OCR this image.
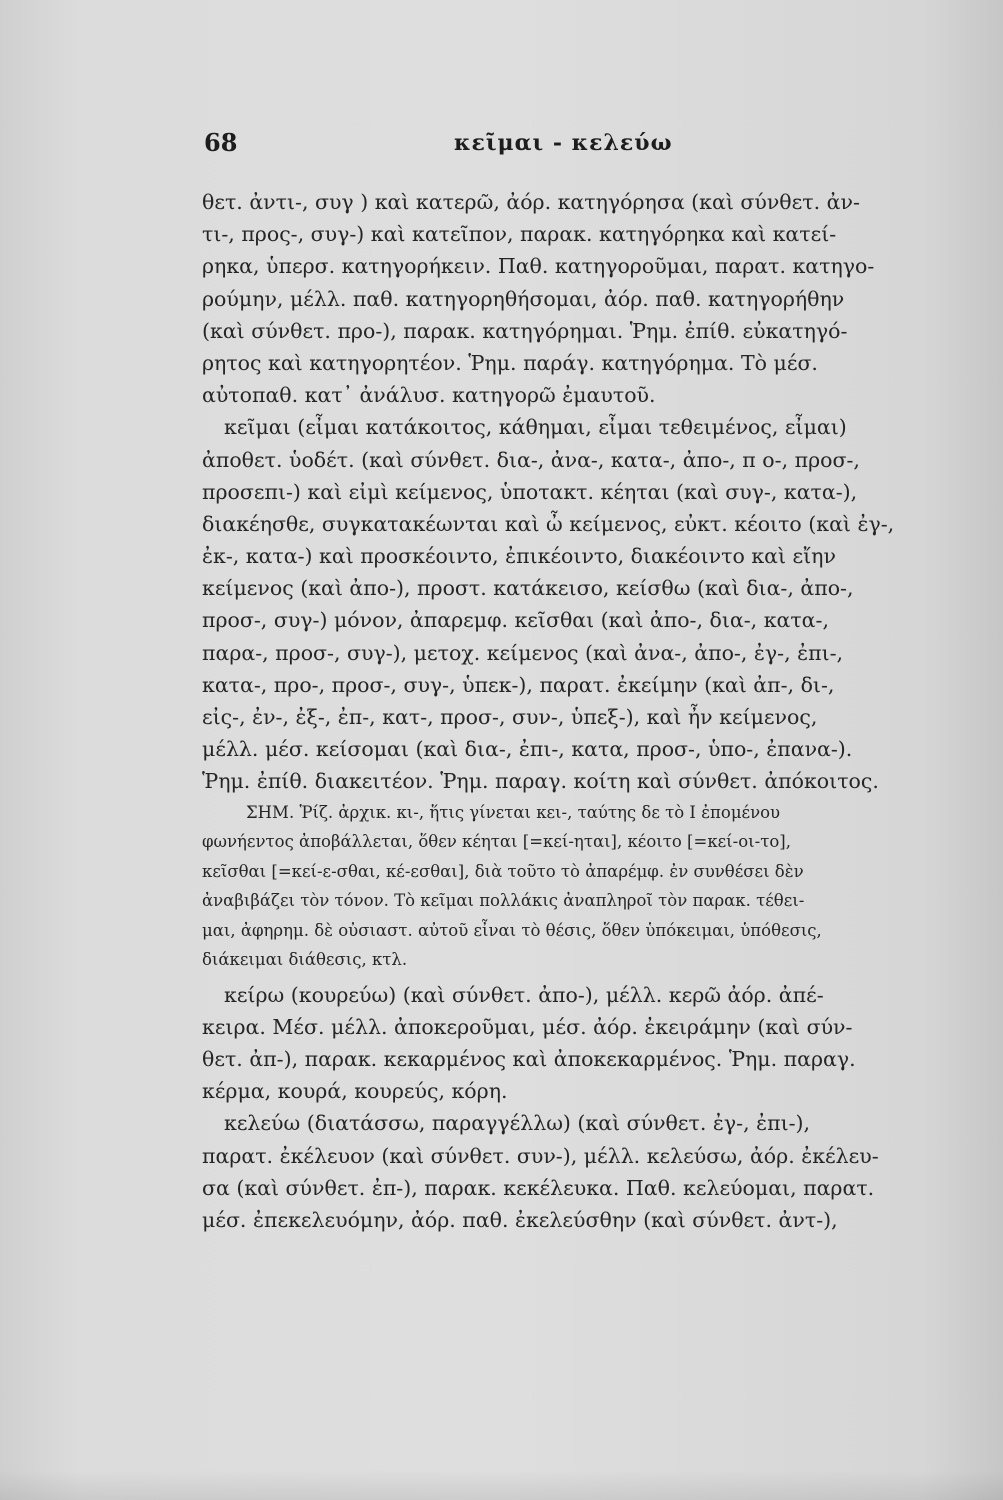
68	κεῖμαι - κελεύω
θετ. ἀντι-, συγ ) καὶ κατερῶ, ἀόρ. κατηγόρησα (καὶ σύνθετ. ἀν-
τι-, προς-, συγ-) καὶ κατεῖπον, παρακ. κατηγόρηκα καὶ κατεί-
ρηκα, ὑπερσ. κατηγορήκειν. Παθ. κατηγοροῦμαι, παρατ. κατηγο-
ρούμην, μέλλ. παθ. κατηγορηθήσομαι, ἀόρ. παθ. κατηγορήθην
(καὶ σύνθετ. προ-), παρακ. κατηγόρημαι. Ῥημ. ἐπίθ. εὐκατηγό-
ρητος καὶ κατηγορητέον. Ῥημ. παράγ. κατηγόρημα. Τὸ μέσ.
αὐτοπαθ. κατ᾿ ἀνάλυσ. κατηγορῶ ἐμαυτοῦ.
κεῖμαι (εἶμαι κατάκοιτος, κάθημαι, εἶμαι τεθειμένος, εἶμαι)
ἀποθετ. ὑοδέτ. (καὶ σύνθετ. δια-, ἀνα-, κατα-, ἀπο-, π ο-, προσ-,
προσεπι-) καὶ εἰμὶ κείμενος, ὑποτακτ. κέηται (καὶ συγ-, κατα-),
διακέησθε, συγκατακέωνται καὶ ὦ κείμενος, εὐκτ. κέοιτο (καὶ ἐγ-,
ἐκ-, κατα-) καὶ προσκέοιντο, ἐπικέοιντο, διακέοιντο καὶ εἴην
κείμενος (καὶ ἀπο-), προστ. κατάκεισο, κείσθω (καὶ δια-, ἀπο-,
προσ-, συγ-) μόνον, ἀπαρεμφ. κεῖσθαι (καὶ ἀπο-, δια-, κατα-,
παρα-, προσ-, συγ-), μετοχ. κείμενος (καὶ ἀνα-, ἀπο-, ἐγ-, ἐπι-,
κατα-, προ-, προσ-, συγ-, ὑπεκ-), παρατ. ἐκείμην (καὶ ἀπ-, δι-,
εἰς-, ἐν-, ἐξ-, ἐπ-, κατ-, προσ-, συν-, ὑπεξ-), καὶ ἦν κείμενος,
μέλλ. μέσ. κείσομαι (καὶ δια-, ἐπι-, κατα, προσ-, ὑπο-, ἐπανα-).
Ῥημ. ἐπίθ. διακειτέον. Ῥημ. παραγ. κοίτη καὶ σύνθετ. ἀπόκοιτος.
ΣΗΜ. Ῥίζ. ἀρχικ. κι-, ἥτις γίνεται κει-, ταύτης δε τὸ Ι ἐπομένου
φωνήεντος ἀποβάλλεται, ὅθεν κέηται [=κεί-ηται], κέοιτο [=κεί-οι-το],
κεῖσθαι [=κεί-ε-σθαι, κέ-εσθαι], διὰ τοῦτο τὸ ἀπαρέμφ. ἐν συνθέσει δὲν
ἀναβιβάζει τὸν τόνον. Τὸ κεῖμαι πολλάκις ἀναπληροῖ τὸν παρακ. τέθει-
μαι, ἀφηρημ. δὲ οὐσιαστ. αὐτοῦ εἶναι τὸ θέσις, ὅθεν ὑπόκειμαι, ὑπόθεσις,
διάκειμαι διάθεσις, κτλ.
κείρω (κουρεύω) (καὶ σύνθετ. ἀπο-), μέλλ. κερῶ ἀόρ. ἀπέ-
κειρα. Μέσ. μέλλ. ἀποκεροῦμαι, μέσ. ἀόρ. ἐκειράμην (καὶ σύν-
θετ. ἀπ-), παρακ. κεκαρμένος καὶ ἀποκεκαρμένος. Ῥημ. παραγ.
κέρμα, κουρά, κουρεύς, κόρη.
κελεύω (διατάσσω, παραγγέλλω) (καὶ σύνθετ. ἐγ-, ἐπι-),
παρατ. ἐκέλευον (καὶ σύνθετ. συν-), μέλλ. κελεύσω, ἀόρ. ἐκέλευ-
σα (καὶ σύνθετ. ἐπ-), παρακ. κεκέλευκα. Παθ. κελεύομαι, παρατ.
μέσ. ἐπεκελευόμην, ἀόρ. παθ. ἐκελεύσθην (καὶ σύνθετ. ἀντ-),
